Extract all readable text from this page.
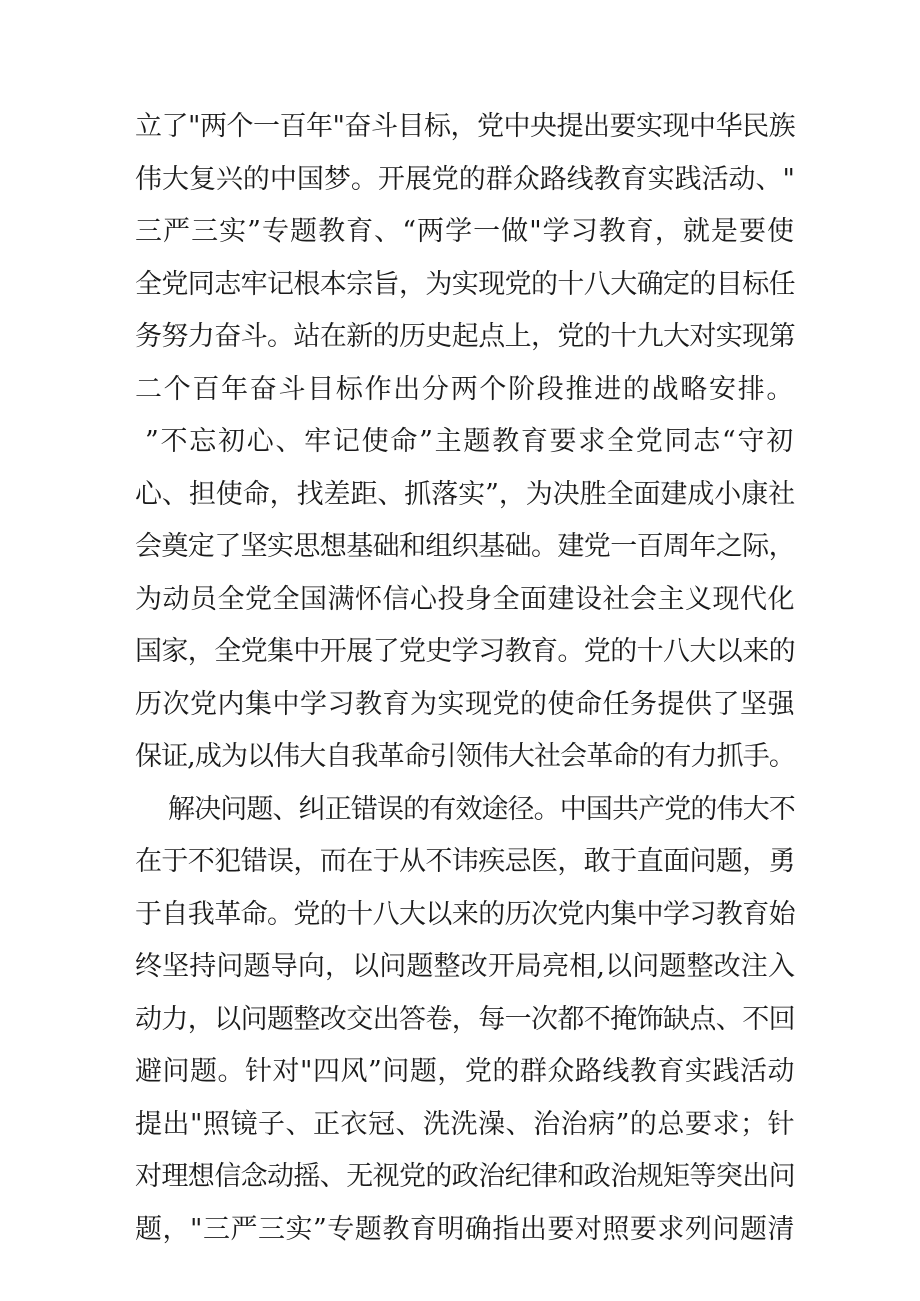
立了"两个一百年"奋斗目标，党中央提出要实现中华民族
伟大复兴的中国梦。开展党的群众路线教育实践活动、"
三严三实”专题教育、“两学一做"学习教育，就是要使
全党同志牢记根本宗旨，为实现党的十八大确定的目标任
务努力奋斗。站在新的历史起点上，党的十九大对实现第
二个百年奋斗目标作出分两个阶段推进的战略安排。
”不忘初心、牢记使命”主题教育要求全党同志“守初
心、担使命，找差距、抓落实”，为决胜全面建成小康社
会奠定了坚实思想基础和组织基础。建党一百周年之际，
为动员全党全国满怀信心投身全面建设社会主义现代化
国家，全党集中开展了党史学习教育。党的十八大以来的
历次党内集中学习教育为实现党的使命任务提供了坚强
保证,成为以伟大自我革命引领伟大社会革命的有力抓手。
解决问题、纠正错误的有效途径。中国共产党的伟大不
在于不犯错误，而在于从不讳疾忌医，敢于直面问题，勇
于自我革命。党的十八大以来的历次党内集中学习教育始
终坚持问题导向，以问题整改开局亮相,以问题整改注入
动力，以问题整改交出答卷，每一次都不掩饰缺点、不回
避问题。针对"四风”问题，党的群众路线教育实践活动
提出"照镜子、正衣冠、洗洗澡、治治病”的总要求；针
对理想信念动摇、无视党的政治纪律和政治规矩等突出问
题，"三严三实”专题教育明确指出要对照要求列问题清
